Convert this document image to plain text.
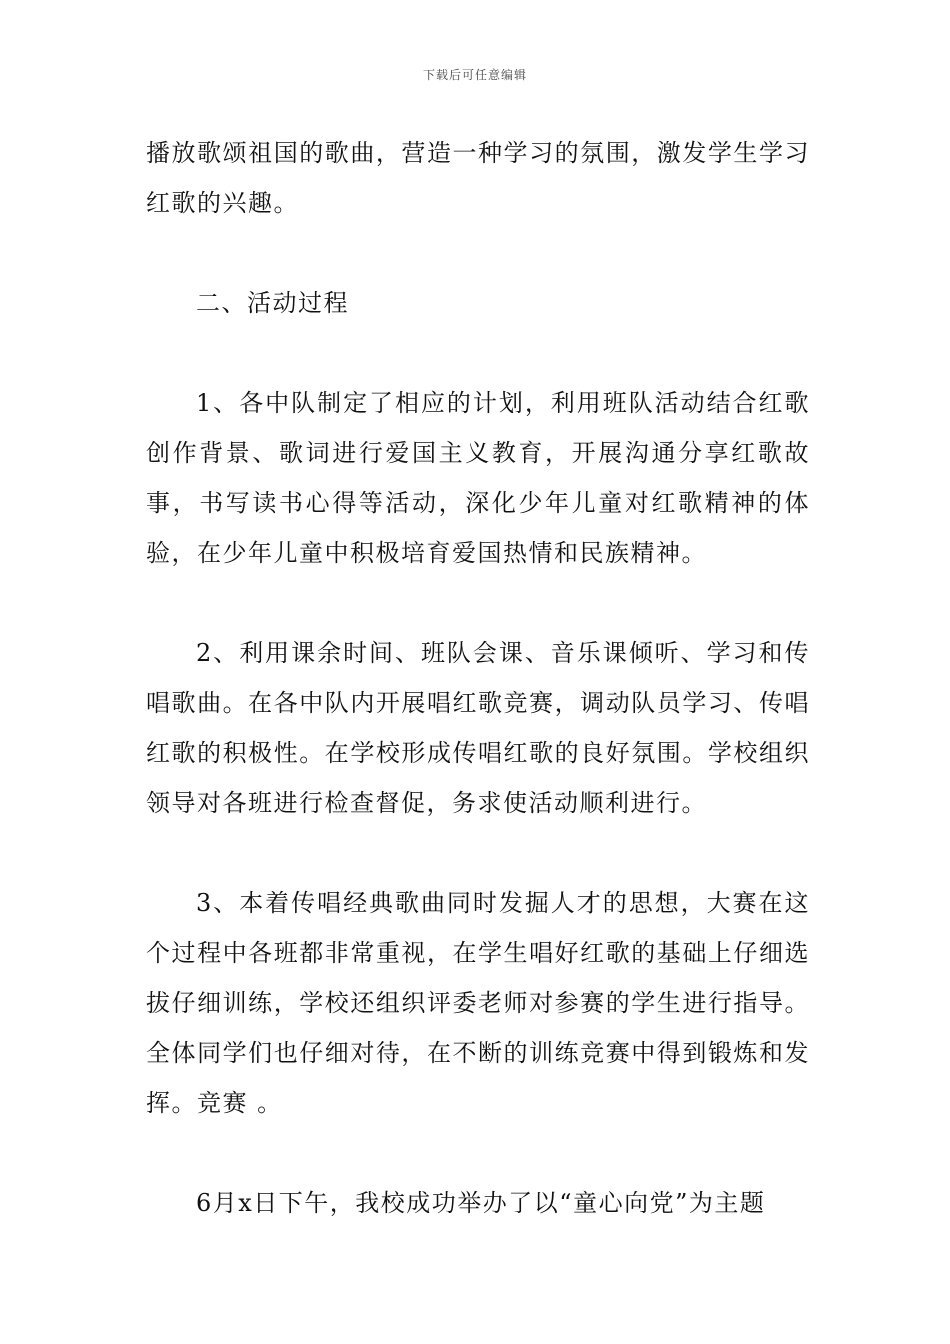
下载后可任意编辑

播放歌颂祖国的歌曲，营造一种学习的氛围，激发学生学习红歌的兴趣。

二、活动过程

1、各中队制定了相应的计划，利用班队活动结合红歌创作背景、歌词进行爱国主义教育，开展沟通分享红歌故事，书写读书心得等活动，深化少年儿童对红歌精神的体验，在少年儿童中积极培育爱国热情和民族精神。

2、利用课余时间、班队会课、音乐课倾听、学习和传唱歌曲。在各中队内开展唱红歌竞赛，调动队员学习、传唱红歌的积极性。在学校形成传唱红歌的良好氛围。学校组织领导对各班进行检查督促，务求使活动顺利进行。

3、本着传唱经典歌曲同时发掘人才的思想，大赛在这个过程中各班都非常重视，在学生唱好红歌的基础上仔细选拔仔细训练，学校还组织评委老师对参赛的学生进行指导。全体同学们也仔细对待，在不断的训练竞赛中得到锻炼和发挥。竞赛 。

6月x日下午，我校成功举办了以“童心向党”为主题
